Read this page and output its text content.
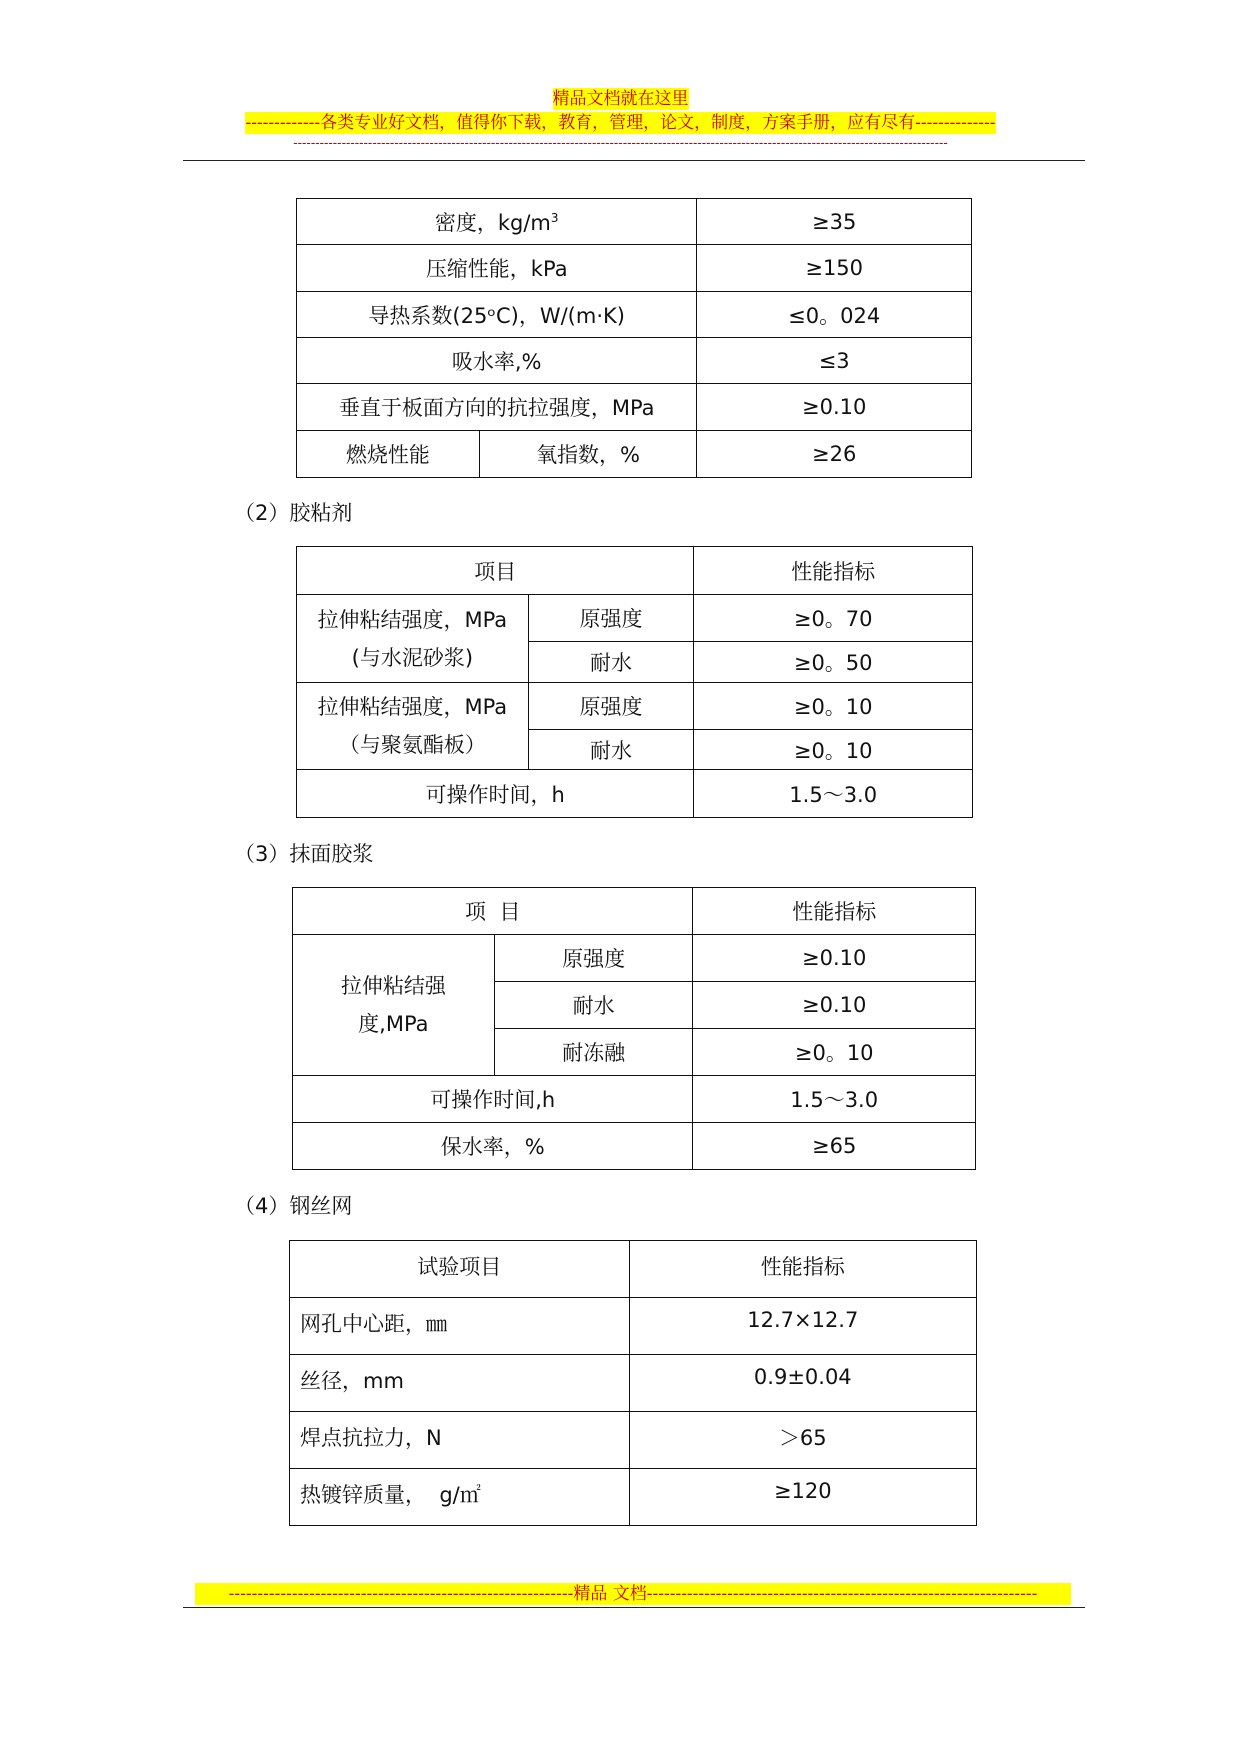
精品文档就在这里
-------------各类专业好文档，值得你下载，教育，管理，论文，制度，方案手册，应有尽有--------------
-----------------------------------------------------------------------------------------------------------------------------------------------------
密度，$kg/m^3$		≥35
压缩性能，kPa		≥150
导热系数(25ᵒC)，W/(m·K)		≤0。024
吸水率,%		≤3
垂直于板面方向的抗拉强度，MPa		≥0.10
燃烧性能	氧指数，%	≥26
（2）胶粘剂
项目		性能指标

拉伸粘结强度，MPa
(与水泥砂浆)	原强度	≥0。70
	耐水	≥0。50

拉伸粘结强度，MPa
（与聚氨酯板）	原强度	≥0。10
	耐水	≥0。10
可操作时间，h		1.5～3.0
（3）抹面胶浆
项  目		性能指标

拉伸粘结强
度,MPa	原强度	≥0.10
	耐水	≥0.10
	耐冻融	≥0。10
可操作时间,h		1.5～3.0
保水率，%		≥65
（4）钢丝网
试验项目	性能指标
网孔中心距，㎜	12.7×12.7
丝径，mm	0.9±0.04
焊点抗拉力，N	＞65
热镀锌质量，  g/㎡	≥120
------------------------------------------------------------精品 文档--------------------------------------------------------------------
